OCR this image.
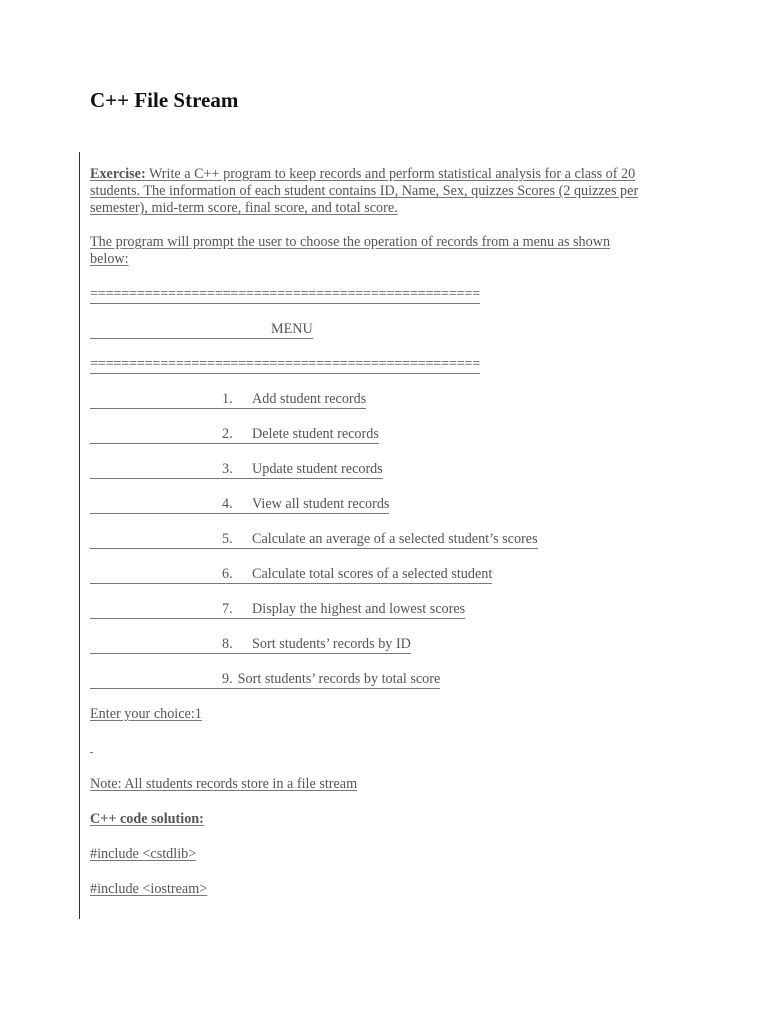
C++ File Stream
Exercise: Write a C++ program to keep records and perform statistical analysis for a class of 20
students. The information of each student contains ID, Name, Sex, quizzes Scores (2 quizzes per
semester), mid-term score, final score, and total score.
The program will prompt the user to choose the operation of records from a menu as shown
below:
==================================================
MENU
==================================================
1. Add student records
2. Delete student records
3. Update student records
4. View all student records
5. Calculate an average of a selected student’s scores
6. Calculate total scores of a selected student
7. Display the highest and lowest scores
8. Sort students’ records by ID
9. Sort students’ records by total score
Enter your choice:1
Note: All students records store in a file stream
C++ code solution:
#include <cstdlib>
#include <iostream>
